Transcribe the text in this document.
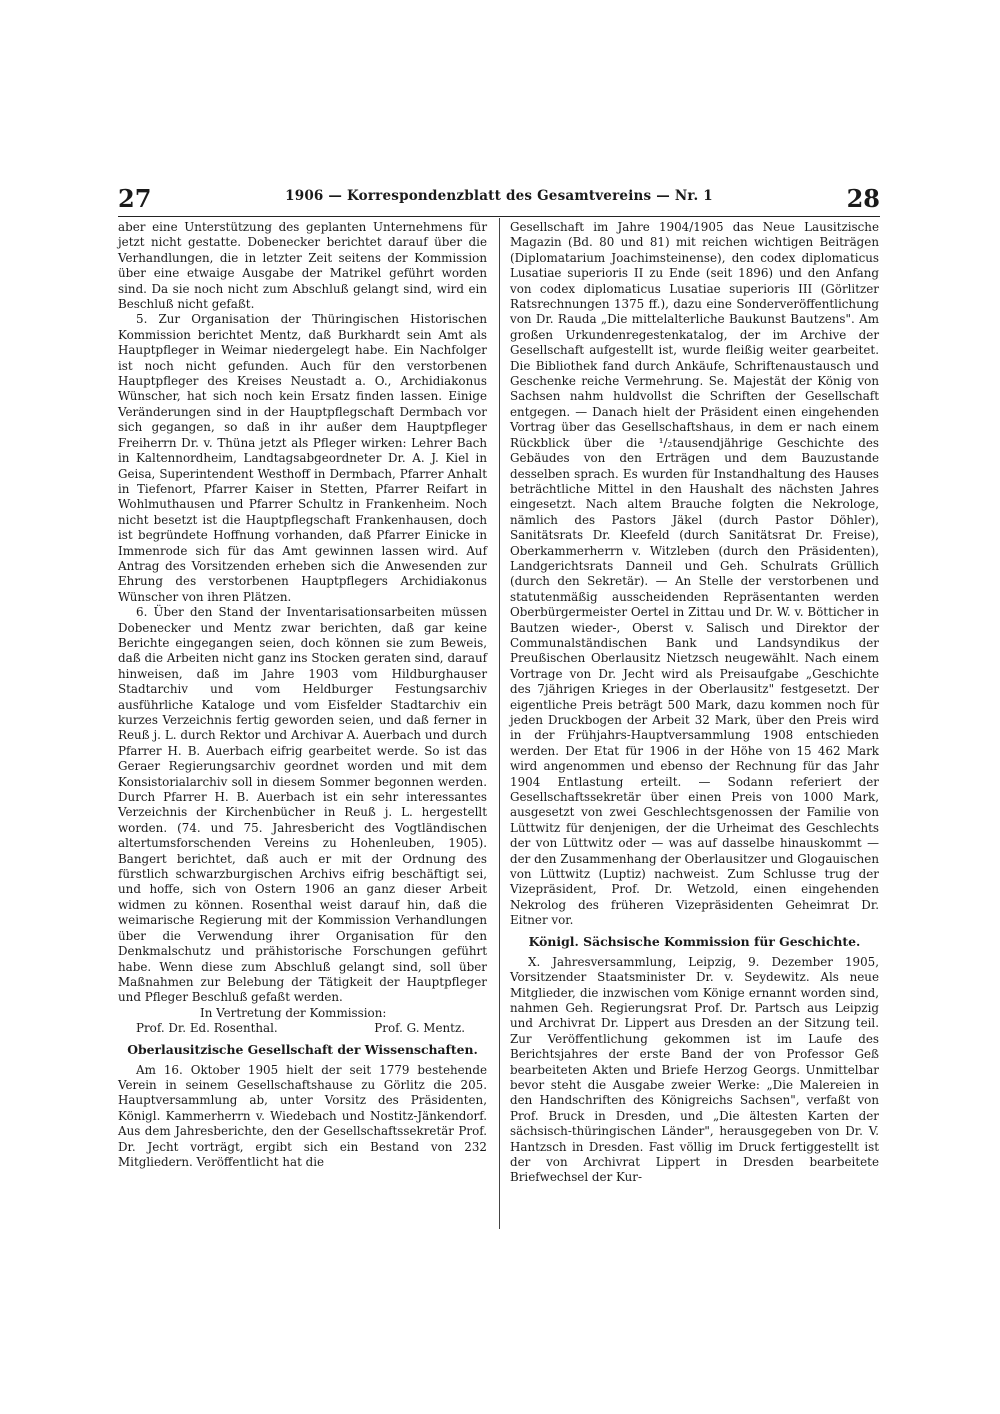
27	1906 — Korrespondenzblatt des Gesamtvereins — Nr. 1	28

aber eine Unterstützung des geplanten Unternehmens für jetzt nicht gestatte. Dobenecker berichtet darauf über die Verhandlungen, die in letzter Zeit seitens der Kommission über eine etwaige Ausgabe der Matrikel geführt worden sind. Da sie noch nicht zum Abschluß gelangt sind, wird ein Beschluß nicht gefaßt.

5. Zur Organisation der Thüringischen Historischen Kommission berichtet Mentz, daß Burkhardt sein Amt als Hauptpfleger in Weimar niedergelegt habe. Ein Nachfolger ist noch nicht gefunden. Auch für den verstorbenen Hauptpfleger des Kreises Neustadt a. O., Archidiakonus Wünscher, hat sich noch kein Ersatz finden lassen. Einige Veränderungen sind in der Hauptpflegschaft Dermbach vor sich gegangen, so daß in ihr außer dem Hauptpfleger Freiherrn Dr. v. Thüna jetzt als Pfleger wirken: Lehrer Bach in Kaltennordheim, Landtagsabgeordneter Dr. A. J. Kiel in Geisa, Superintendent Westhoff in Dermbach, Pfarrer Anhalt in Tiefenort, Pfarrer Kaiser in Stetten, Pfarrer Reifart in Wohlmuthausen und Pfarrer Schultz in Frankenheim. Noch nicht besetzt ist die Hauptpflegschaft Frankenhausen, doch ist begründete Hoffnung vorhanden, daß Pfarrer Einicke in Immenrode sich für das Amt gewinnen lassen wird. Auf Antrag des Vorsitzenden erheben sich die Anwesenden zur Ehrung des verstorbenen Hauptpflegers Archidiakonus Wünscher von ihren Plätzen.

6. Über den Stand der Inventarisationsarbeiten müssen Dobenecker und Mentz zwar berichten, daß gar keine Berichte eingegangen seien, doch können sie zum Beweis, daß die Arbeiten nicht ganz ins Stocken geraten sind, darauf hinweisen, daß im Jahre 1903 vom Hildburghauser Stadtarchiv und vom Heldburger Festungsarchiv ausführliche Kataloge und vom Eisfelder Stadtarchiv ein kurzes Verzeichnis fertig geworden seien, und daß ferner in Reuß j. L. durch Rektor und Archivar A. Auerbach und durch Pfarrer H. B. Auerbach eifrig gearbeitet werde. So ist das Geraer Regierungsarchiv geordnet worden und mit dem Konsistorialarchiv soll in diesem Sommer begonnen werden. Durch Pfarrer H. B. Auerbach ist ein sehr interessantes Verzeichnis der Kirchenbücher in Reuß j. L. hergestellt worden. (74. und 75. Jahresbericht des Vogtländischen altertumsforschenden Vereins zu Hohenleuben, 1905). Bangert berichtet, daß auch er mit der Ordnung des fürstlich schwarzburgischen Archivs eifrig beschäftigt sei, und hoffe, sich von Ostern 1906 an ganz dieser Arbeit widmen zu können. Rosenthal weist darauf hin, daß die weimarische Regierung mit der Kommission Verhandlungen über die Verwendung ihrer Organisation für den Denkmalschutz und prähistorische Forschungen geführt habe. Wenn diese zum Abschluß gelangt sind, soll über Maßnahmen zur Belebung der Tätigkeit der Hauptpfleger und Pfleger Beschluß gefaßt werden.

In Vertretung der Kommission:

Prof. Dr. Ed. Rosenthal.	Prof. G. Mentz.
Oberlausitzische Gesellschaft der Wissenschaften.

Am 16. Oktober 1905 hielt der seit 1779 bestehende Verein in seinem Gesellschaftshause zu Görlitz die 205. Hauptversammlung ab, unter Vorsitz des Präsidenten, Königl. Kammerherrn v. Wiedebach und Nostitz-Jänkendorf. Aus dem Jahresberichte, den der Gesellschaftssekretär Prof. Dr. Jecht vorträgt, ergibt sich ein Bestand von 232 Mitgliedern. Veröffentlicht hat die

Gesellschaft im Jahre 1904/1905 das Neue Lausitzische Magazin (Bd. 80 und 81) mit reichen wichtigen Beiträgen (Diplomatarium Joachimsteinense), den codex diplomaticus Lusatiae superioris II zu Ende (seit 1896) und den Anfang von codex diplomaticus Lusatiae superioris III (Görlitzer Ratsrechnungen 1375 ff.), dazu eine Sonderveröffentlichung von Dr. Rauda „Die mittelalterliche Baukunst Bautzens". Am großen Urkundenregestenkatalog, der im Archive der Gesellschaft aufgestellt ist, wurde fleißig weiter gearbeitet. Die Bibliothek fand durch Ankäufe, Schriftenaustausch und Geschenke reiche Vermehrung. Se. Majestät der König von Sachsen nahm huldvollst die Schriften der Gesellschaft entgegen. — Danach hielt der Präsident einen eingehenden Vortrag über das Gesellschaftshaus, in dem er nach einem Rückblick über die ¹/₂tausendjährige Geschichte des Gebäudes von den Erträgen und dem Bauzustande desselben sprach. Es wurden für Instandhaltung des Hauses beträchtliche Mittel in den Haushalt des nächsten Jahres eingesetzt. Nach altem Brauche folgten die Nekrologe, nämlich des Pastors Jäkel (durch Pastor Döhler), Sanitätsrats Dr. Kleefeld (durch Sanitätsrat Dr. Freise), Oberkammerherrn v. Witzleben (durch den Präsidenten), Landgerichtsrats Danneil und Geh. Schulrats Grüllich (durch den Sekretär). — An Stelle der verstorbenen und statutenmäßig ausscheidenden Repräsentanten werden Oberbürgermeister Oertel in Zittau und Dr. W. v. Bötticher in Bautzen wieder-, Oberst v. Salisch und Direktor der Communalständischen Bank und Landsyndikus der Preußischen Oberlausitz Nietzsch neugewählt. Nach einem Vortrage von Dr. Jecht wird als Preisaufgabe „Geschichte des 7jährigen Krieges in der Oberlausitz" festgesetzt. Der eigentliche Preis beträgt 500 Mark, dazu kommen noch für jeden Druckbogen der Arbeit 32 Mark, über den Preis wird in der Frühjahrs-Hauptversammlung 1908 entschieden werden. Der Etat für 1906 in der Höhe von 15 462 Mark wird angenommen und ebenso der Rechnung für das Jahr 1904 Entlastung erteilt. — Sodann referiert der Gesellschaftssekretär über einen Preis von 1000 Mark, ausgesetzt von zwei Geschlechtsgenossen der Familie von Lüttwitz für denjenigen, der die Urheimat des Geschlechts der von Lüttwitz oder — was auf dasselbe hinauskommt — der den Zusammenhang der Oberlausitzer und Glogauischen von Lüttwitz (Luptiz) nachweist. Zum Schlusse trug der Vizepräsident, Prof. Dr. Wetzold, einen eingehenden Nekrolog des früheren Vizepräsidenten Geheimrat Dr. Eitner vor.

Königl. Sächsische Kommission für Geschichte.

X. Jahresversammlung, Leipzig, 9. Dezember 1905, Vorsitzender Staatsminister Dr. v. Seydewitz. Als neue Mitglieder, die inzwischen vom Könige ernannt worden sind, nahmen Geh. Regierungsrat Prof. Dr. Partsch aus Leipzig und Archivrat Dr. Lippert aus Dresden an der Sitzung teil. Zur Veröffentlichung gekommen ist im Laufe des Berichtsjahres der erste Band der von Professor Geß bearbeiteten Akten und Briefe Herzog Georgs. Unmittelbar bevor steht die Ausgabe zweier Werke: „Die Malereien in den Handschriften des Königreichs Sachsen", verfaßt von Prof. Bruck in Dresden, und „Die ältesten Karten der sächsisch-thüringischen Länder", herausgegeben von Dr. V. Hantzsch in Dresden. Fast völlig im Druck fertiggestellt ist der von Archivrat Lippert in Dresden bearbeitete Briefwechsel der Kur-
